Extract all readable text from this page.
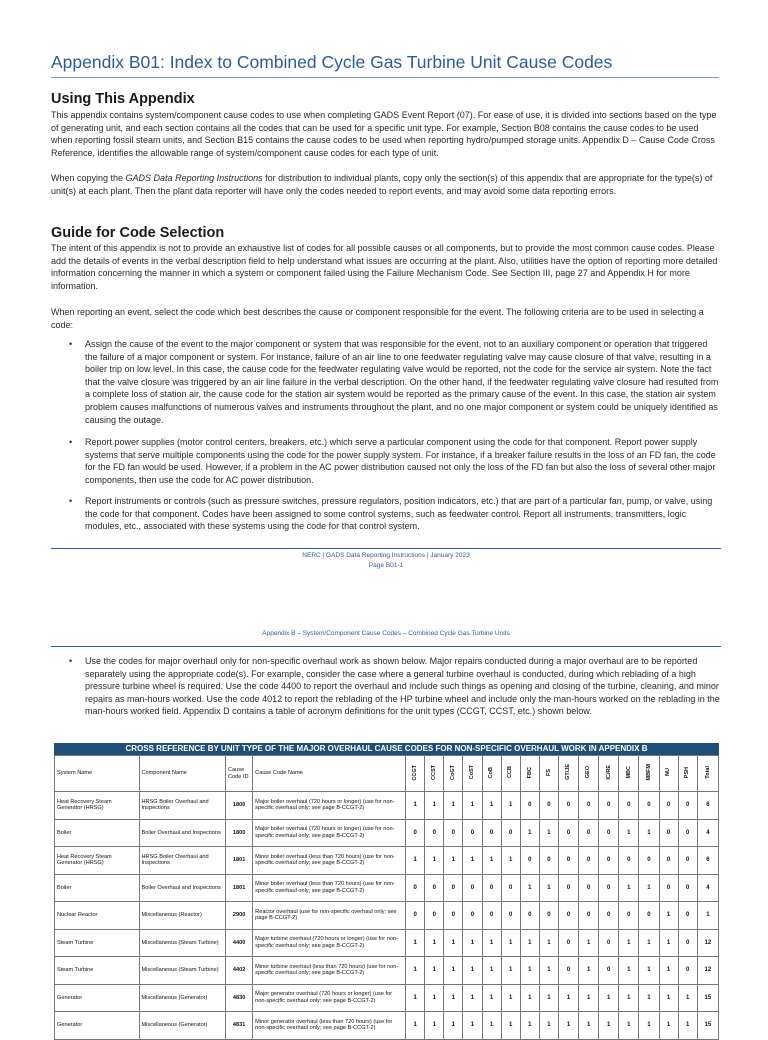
Appendix B01: Index to Combined Cycle Gas Turbine Unit Cause Codes
Using This Appendix
This appendix contains system/component cause codes to use when completing GADS Event Report (07). For ease of use, it is divided into sections based on the type of generating unit, and each section contains all the codes that can be used for a specific unit type. For example, Section B08 contains the cause codes to be used when reporting fossil steam units, and Section B15 contains the cause codes to be used when reporting hydro/pumped storage units. Appendix D – Cause Code Cross Reference, identifies the allowable range of system/component cause codes for each type of unit.
When copying the GADS Data Reporting Instructions for distribution to individual plants, copy only the section(s) of this appendix that are appropriate for the type(s) of unit(s) at each plant. Then the plant data reporter will have only the codes needed to report events, and may avoid some data reporting errors.
Guide for Code Selection
The intent of this appendix is not to provide an exhaustive list of codes for all possible causes or all components, but to provide the most common cause codes. Please add the details of events in the verbal description field to help understand what issues are occurring at the plant. Also, utilities have the option of reporting more detailed information concerning the manner in which a system or component failed using the Failure Mechanism Code. See Section III, page 27 and Appendix H for more information.
When reporting an event, select the code which best describes the cause or component responsible for the event. The following criteria are to be used in selecting a code:
• Assign the cause of the event to the major component or system that was responsible for the event, not to an auxiliary component or operation that triggered the failure of a major component or system. For instance, failure of an air line to one feedwater regulating valve may cause closure of that valve, resulting in a boiler trip on low level. In this case, the cause code for the feedwater regulating valve would be reported, not the code for the service air system. Note the fact that the valve closure was triggered by an air line failure in the verbal description. On the other hand, if the feedwater regulating valve closure had resulted from a complete loss of station air, the cause code for the station air system would be reported as the primary cause of the event. In this case, the station air system problem causes malfunctions of numerous valves and instruments throughout the plant, and no one major component or system could be uniquely identified as causing the outage.
• Report power supplies (motor control centers, breakers, etc.) which serve a particular component using the code for that component. Report power supply systems that serve multiple components using the code for the power supply system. For instance, if a breaker failure results in the loss of an FD fan, the code for the FD fan would be used. However, if a problem in the AC power distribution caused not only the loss of the FD fan but also the loss of several other major components, then use the code for AC power distribution.
• Report instruments or controls (such as pressure switches, pressure regulators, position indicators, etc.) that are part of a particular fan, pump, or valve, using the code for that component. Codes have been assigned to some control systems, such as feedwater control. Report all instruments, transmitters, logic modules, etc., associated with these systems using the code for that control system.
NERC | GADS Data Reporting Instructions | January 2023
Page B01-1
Appendix B – System/Component Cause Codes – Combined Cycle Gas Turbine Units
• Use the codes for major overhaul only for non-specific overhaul work as shown below. Major repairs conducted during a major overhaul are to be reported separately using the appropriate code(s). For example, consider the case where a general turbine overhaul is conducted, during which reblading of a high pressure turbine wheel is required. Use the code 4400 to report the overhaul and include such things as opening and closing of the turbine, cleaning, and minor repairs as man-hours worked. Use the code 4012 to report the reblading of the HP turbine wheel and include only the man-hours worked on the reblading in the man-hours worked field. Appendix D contains a table of acronym definitions for the unit types (CCGT, CCST, etc.) shown below.
CROSS REFERENCE BY UNIT TYPE OF THE MAJOR OVERHAUL CAUSE CODES FOR NON-SPECIFIC OVERHAUL WORK IN APPENDIX B
System Name	Component Name	Cause Code ID	Cause Code Name	CCGT	CCST	CoGT	CoST	CoB	CCB	FBC	FS	GT/JE	GEO	IC/RE	MBC	MBFM	NU	PSH	Total
Heat Recovery Steam Generator (HRSG)	HRSG Boiler Overhaul and Inspections	1800	Major boiler overhaul (720 hours or longer) (use for non-specific overhaul only; see page B-CCGT-2)	1	1	1	1	1	1	0	0	0	0	0	0	0	0	0	6
Boiler	Boiler Overhaul and Inspections	1800	Major boiler overhaul (720 hours or longer) (use for non-specific overhaul only; see page B-CCGT-2)	0	0	0	0	0	0	1	1	0	0	0	1	1	0	0	4
Heat Recovery Steam Generator (HRSG)	HRSG Boiler Overhaul and Inspections	1801	Minor boiler overhaul (less than 720 hours) (use for non-specific overhaul only; see page B-CCGT-2)	1	1	1	1	1	1	0	0	0	0	0	0	0	0	0	6
Boiler	Boiler Overhaul and Inspections	1801	Minor boiler overhaul (less than 720 hours) (use for non-specific overhaul only; see page B-CCGT-2)	0	0	0	0	0	0	1	1	0	0	0	1	1	0	0	4
Nuclear Reactor	Miscellaneous (Reactor)	2900	Reactor overhaul (use for non-specific overhaul only; see page B-CCGT-2)	0	0	0	0	0	0	0	0	0	0	0	0	0	1	0	1
Steam Turbine	Miscellaneous (Steam Turbine)	4400	Major turbine overhaul (720 hours or longer) (use for non-specific overhaul only; see page B-CCGT-2)	1	1	1	1	1	1	1	1	0	1	0	1	1	1	0	12
Steam Turbine	Miscellaneous (Steam Turbine)	4402	Minor turbine overhaul (less than 720 hours) (use for non-specific overhaul only; see page B-CCGT-2)	1	1	1	1	1	1	1	1	0	1	0	1	1	1	0	12
Generator	Miscellaneous (Generator)	4830	Major generator overhaul (720 hours or longer) (use for non-specific overhaul only; see page B-CCGT-2)	1	1	1	1	1	1	1	1	1	1	1	1	1	1	1	15
Generator	Miscellaneous (Generator)	4831	Minor generator overhaul (less than 720 hours) (use for non-specific overhaul only; see page B-CCGT-2)	1	1	1	1	1	1	1	1	1	1	1	1	1	1	1	15
